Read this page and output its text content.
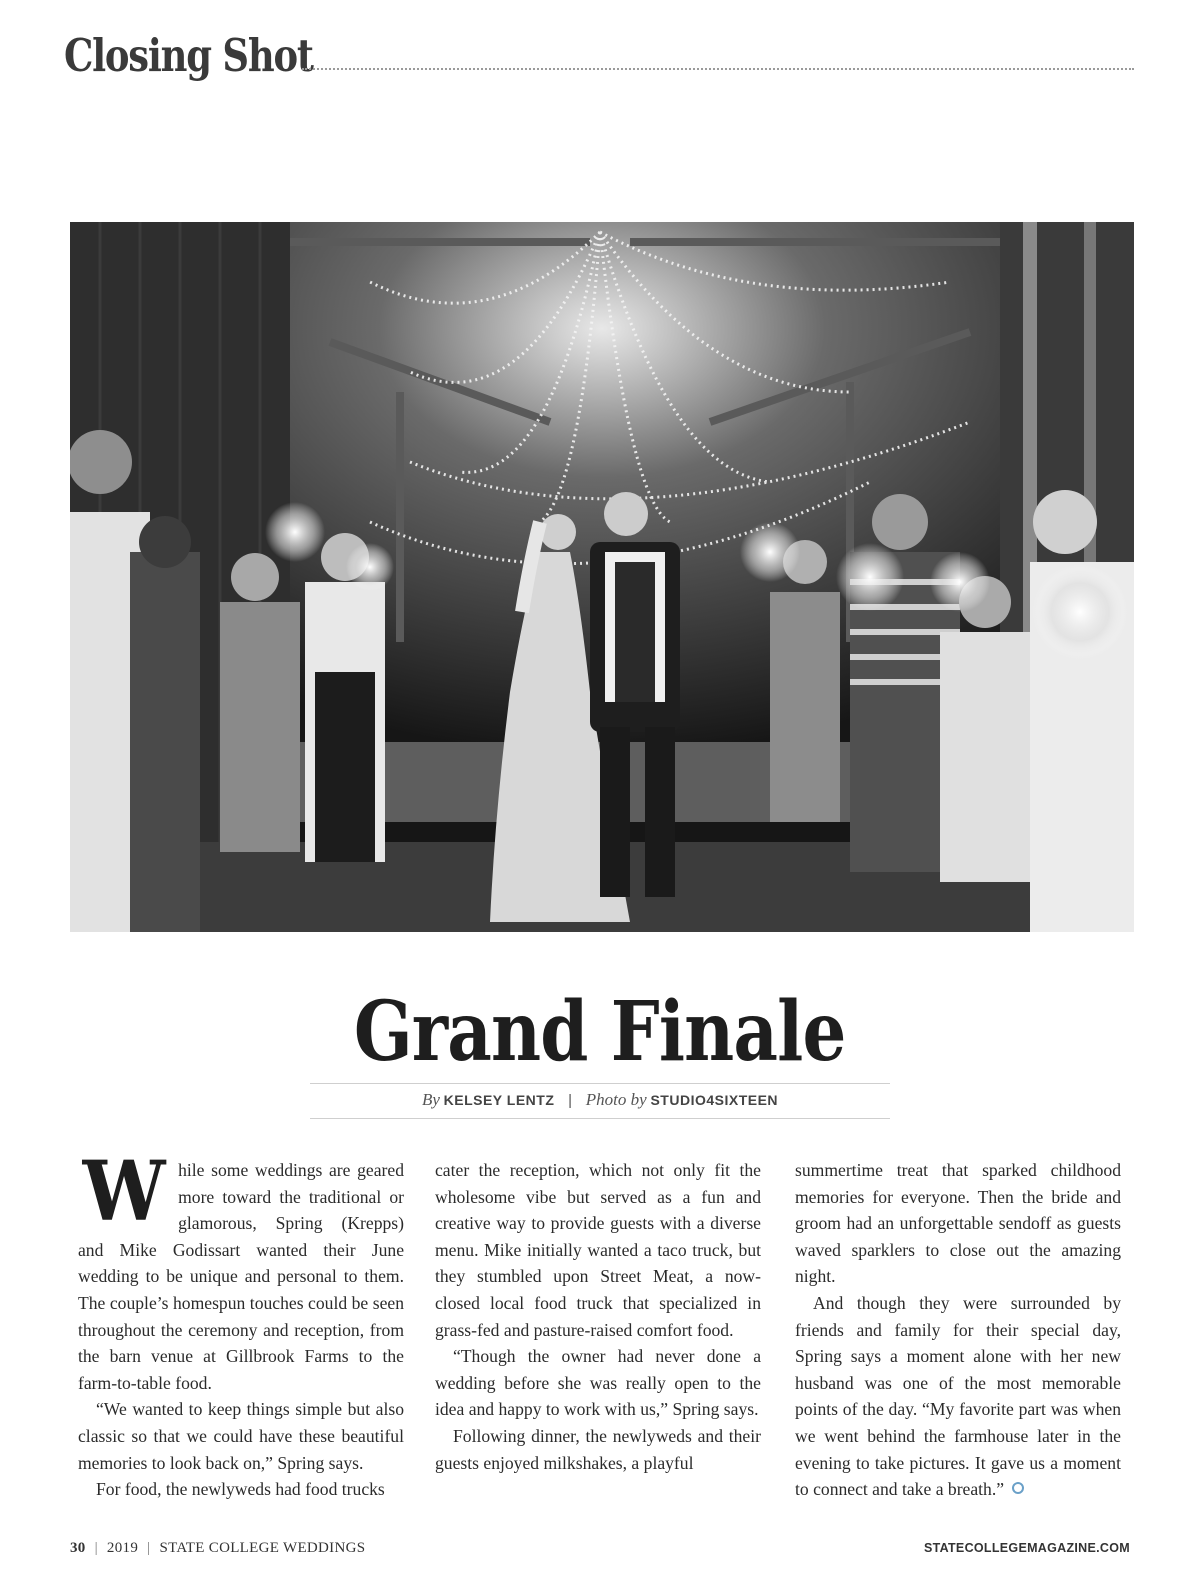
Closing Shot
Grand Finale
By KELSEY LENTZ | Photo by STUDIO4SIXTEEN

While some weddings are geared more toward the traditional or glamorous, Spring (Krepps) and Mike Godissart wanted their June wedding to be unique and personal to them. The couple’s homespun touches could be seen throughout the ceremony and reception, from the barn venue at Gillbrook Farms to the farm-to-table food.

“We wanted to keep things simple but also classic so that we could have these beautiful memories to look back on,” Spring says.

For food, the newlyweds had food trucks

cater the reception, which not only fit the wholesome vibe but served as a fun and creative way to provide guests with a diverse menu. Mike initially wanted a taco truck, but they stumbled upon Street Meat, a now-closed local food truck that specialized in grass-fed and pasture-raised comfort food.

“Though the owner had never done a wedding before she was really open to the idea and happy to work with us,” Spring says.

Following dinner, the newlyweds and their guests enjoyed milkshakes, a playful

summertime treat that sparked childhood memories for everyone. Then the bride and groom had an unforgettable sendoff as guests waved sparklers to close out the amazing night.

And though they were surrounded by friends and family for their special day, Spring says a moment alone with her new husband was one of the most memorable points of the day. “My favorite part was when we went behind the farmhouse later in the evening to take pictures. It gave us a moment to connect and take a breath.”

30 | 2019 | STATE COLLEGE WEDDINGS	STATECOLLEGEMAGAZINE.COM
